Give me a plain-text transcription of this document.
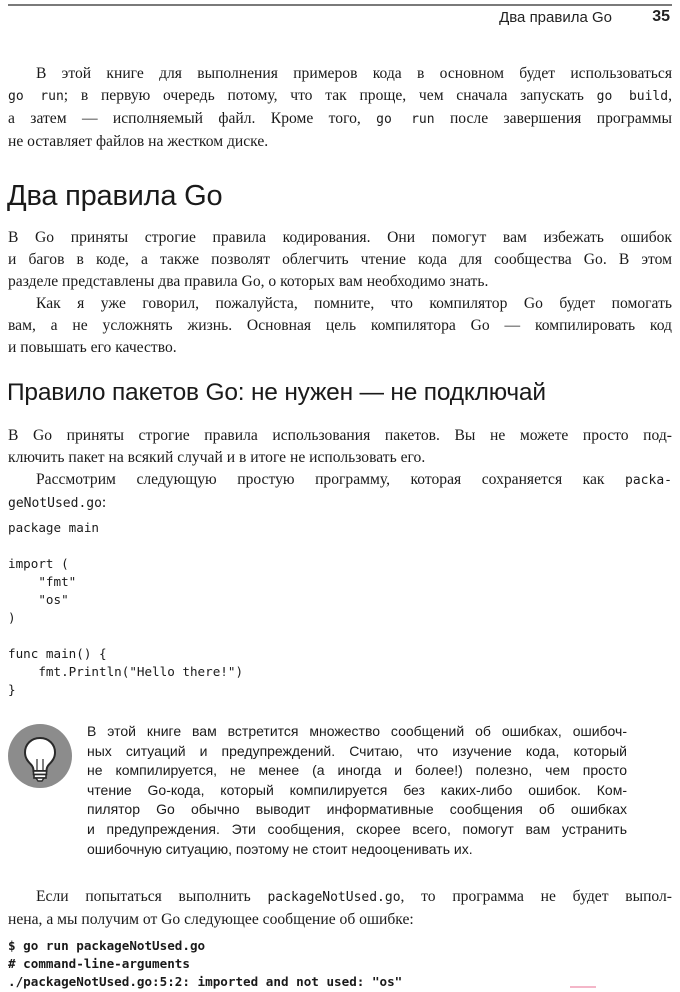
Два правила Go	35
В этой книге для выполнения примеров кода в основном будет использоваться
go run; в первую очередь потому, что так проще, чем сначала запускать go build,
а затем — исполняемый файл. Кроме того, go run после завершения программы
не оставляет файлов на жестком диске.
Два правила Go
В Go приняты строгие правила кодирования. Они помогут вам избежать ошибок
и багов в коде, а также позволят облегчить чтение кода для сообщества Go. В этом
разделе представлены два правила Go, о которых вам необходимо знать.
Как я уже говорил, пожалуйста, помните, что компилятор Go будет помогать
вам, а не усложнять жизнь. Основная цель компилятора Go — компилировать код
и повышать его качество.
Правило пакетов Go: не нужен — не подключай
В Go приняты строгие правила использования пакетов. Вы не можете просто под-
ключить пакет на всякий случай и в итоге не использовать его.
Рассмотрим следующую простую программу, которая сохраняется как packa-
geNotUsed.go:
package main

import (
"fmt"
"os"
)

func main() {
fmt.Println("Hello there!")
}
В этой книге вам встретится множество сообщений об ошибках, ошибоч-
ных ситуаций и предупреждений. Считаю, что изучение кода, который
не компилируется, не менее (а иногда и более!) полезно, чем просто
чтение Go-кода, который компилируется без каких-либо ошибок. Ком-
пилятор Go обычно выводит информативные сообщения об ошибках
и предупреждения. Эти сообщения, скорее всего, помогут вам устранить
ошибочную ситуацию, поэтому не стоит недооценивать их.
Если попытаться выполнить packageNotUsed.go, то программа не будет выпол-
нена, а мы получим от Go следующее сообщение об ошибке:
$ go run packageNotUsed.go
# command-line-arguments
./packageNotUsed.go:5:2: imported and not used: "os"
